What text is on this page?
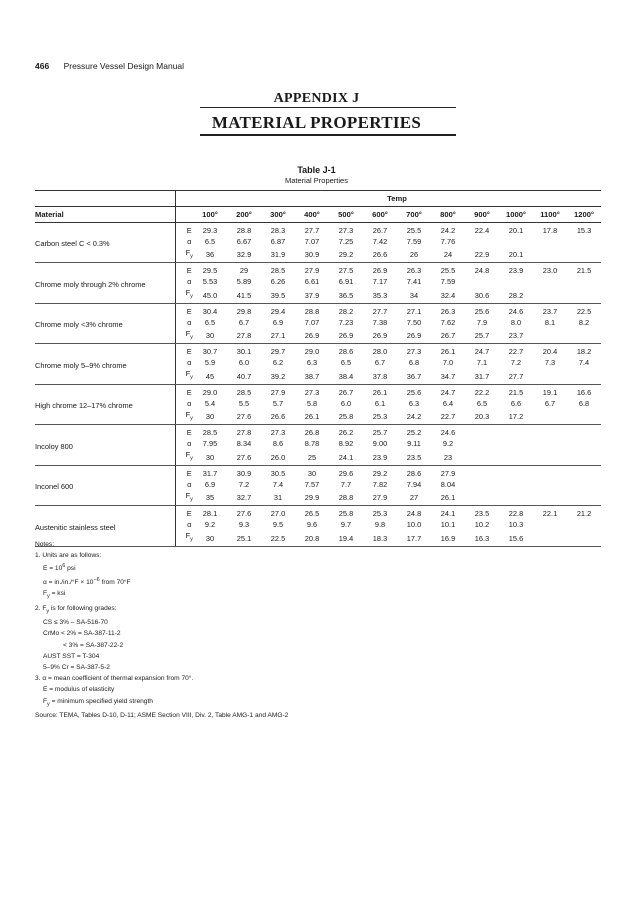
466 Pressure Vessel Design Manual
APPENDIX J
MATERIAL PROPERTIES
Table J-1
Material Properties
		Temp											
Material		100°	200°	300°	400°	500°	600°	700°	800°	900°	1000°	1100°	1200°
Carbon steel C < 0.3%	E	29.3	28.8	28.3	27.7	27.3	26.7	25.5	24.2	22.4	20.1	17.8	15.3
	α	6.5	6.67	6.87	7.07	7.25	7.42	7.59	7.76				
	$F_y$	36	32.9	31.9	30.9	29.2	26.6	26	24	22.9	20.1		
Chrome moly through 2% chrome	E	29.5	29	28.5	27.9	27.5	26.9	26.3	25.5	24.8	23.9	23.0	21.5
	α	5.53	5.89	6.26	6.61	6.91	7.17	7.41	7.59				
	$F_y$	45.0	41.5	39.5	37.9	36.5	35.3	34	32.4	30.6	28.2		
Chrome moly <3% chrome	E	30.4	29.8	29.4	28.8	28.2	27.7	27.1	26.3	25.6	24.6	23.7	22.5
	α	6.5	6.7	6.9	7.07	7.23	7.38	7.50	7.62	7.9	8.0	8.1	8.2
	$F_y$	30	27.8	27.1	26.9	26.9	26.9	26.9	26.7	25.7	23.7		
Chrome moly 5–9% chrome	E	30.7	30.1	29.7	29.0	28.6	28.0	27.3	26.1	24.7	22.7	20.4	18.2
	α	5.9	6.0	6.2	6.3	6.5	6.7	6.8	7.0	7.1	7.2	7.3	7.4
	$F_y$	45	40.7	39.2	38.7	38.4	37.8	36.7	34.7	31.7	27.7		
High chrome 12–17% chrome	E	29.0	28.5	27.9	27.3	26.7	26.1	25.6	24.7	22.2	21.5	19.1	16.6
	α	5.4	5.5	5.7	5.8	6.0	6.1	6.3	6.4	6.5	6.6	6.7	6.8
	$F_y$	30	27.6	26.6	26.1	25.8	25.3	24.2	22.7	20.3	17.2		
Incoloy 800	E	28.5	27.8	27.3	26.8	26.2	25.7	25.2	24.6				
	α	7.95	8.34	8.6	8.78	8.92	9.00	9.11	9.2				
	$F_y$	30	27.6	26.0	25	24.1	23.9	23.5	23				
Inconel 600	E	31.7	30.9	30.5	30	29.6	29.2	28.6	27.9				
	α	6.9	7.2	7.4	7.57	7.7	7.82	7.94	8.04				
	$F_y$	35	32.7	31	29.9	28.8	27.9	27	26.1				
Austenitic stainless steel	E	28.1	27.6	27.0	26.5	25.8	25.3	24.8	24.1	23.5	22.8	22.1	21.2
	α	9.2	9.3	9.5	9.6	9.7	9.8	10.0	10.1	10.2	10.3		
	$F_y$	30	25.1	22.5	20.8	19.4	18.3	17.7	16.9	16.3	15.6		
Notes:
1. Units are as follows:
$E = 10^6$ psi
$\alpha = in./in./^\circ F \times 10^{-6}$ from 70°F
$F_y$ = ksi
2. $F_y$ is for following grades:
CS ≤ 3% – SA-516-70
CrMo < 2% = SA-387-11-2
< 3% = SA-387-22-2
AUST SST = T-304
5–9% Cr = SA-387-5-2
3. α = mean coefficient of thermal expansion from 70°.
E = modulus of elasticity
$F_y$ = minimum specified yield strength
Source: TEMA, Tables D-10, D-11; ASME Section VIII, Div. 2, Table AMG-1 and AMG-2
